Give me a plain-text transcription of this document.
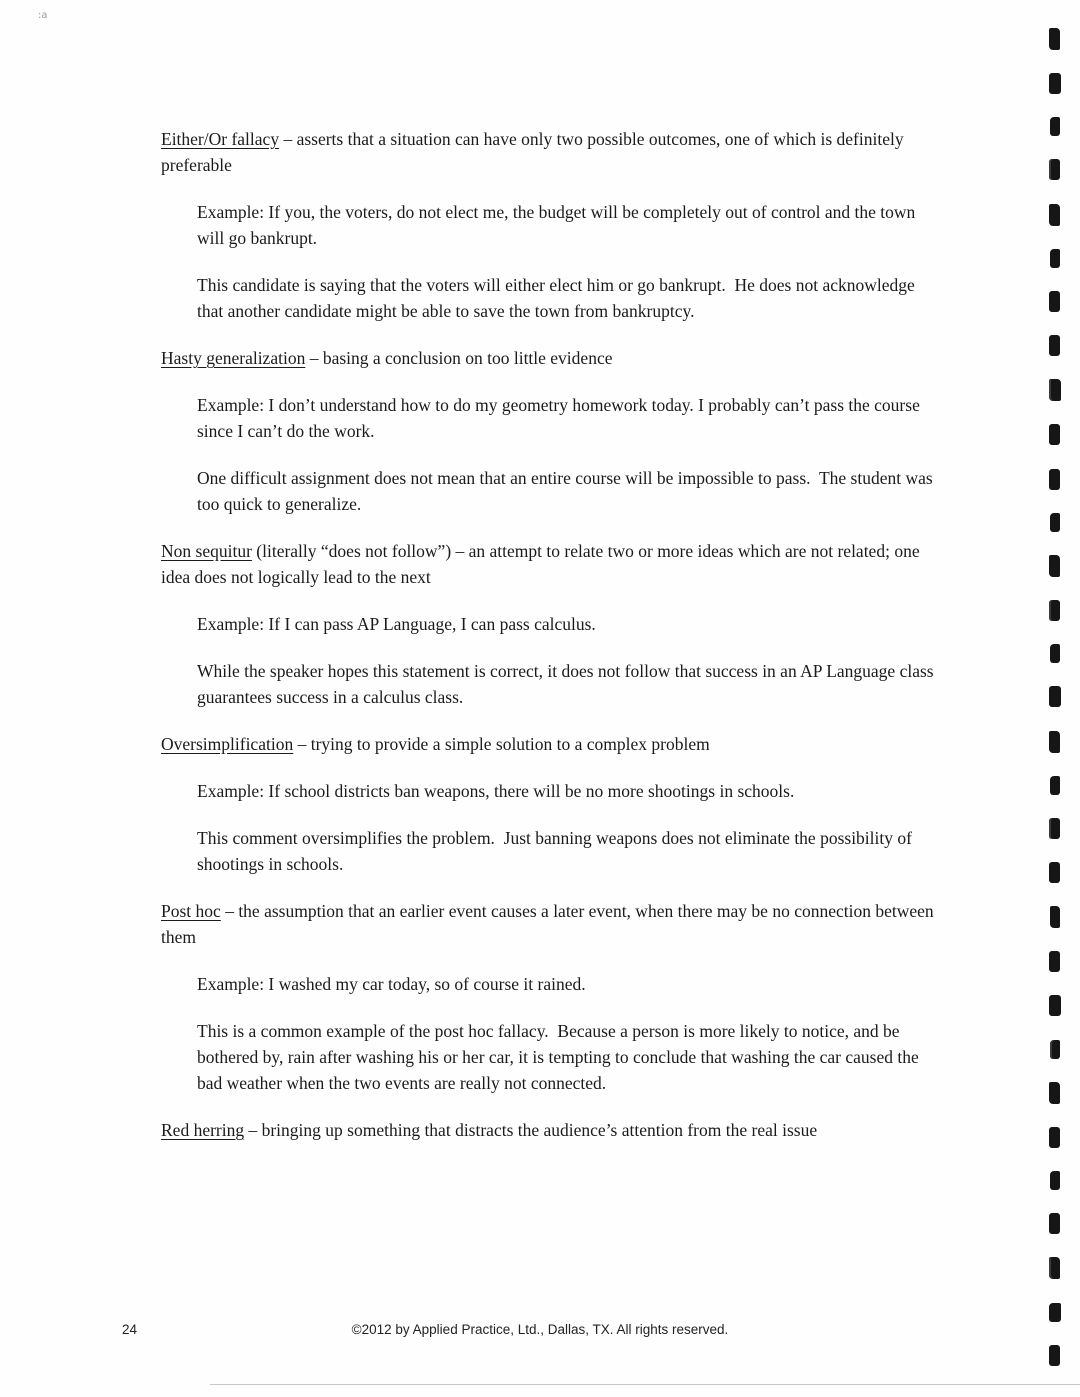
:a

Either/Or fallacy – asserts that a situation can have only two possible outcomes, one of which is definitely preferable

Example: If you, the voters, do not elect me, the budget will be completely out of control and the town will go bankrupt.

This candidate is saying that the voters will either elect him or go bankrupt.  He does not acknowledge that another candidate might be able to save the town from bankruptcy.

Hasty generalization – basing a conclusion on too little evidence

Example: I don’t understand how to do my geometry homework today. I probably can’t pass the course since I can’t do the work.

One difficult assignment does not mean that an entire course will be impossible to pass.  The student was too quick to generalize.

Non sequitur (literally “does not follow”) – an attempt to relate two or more ideas which are not related; one idea does not logically lead to the next

Example: If I can pass AP Language, I can pass calculus.

While the speaker hopes this statement is correct, it does not follow that success in an AP Language class guarantees success in a calculus class.

Oversimplification – trying to provide a simple solution to a complex problem

Example: If school districts ban weapons, there will be no more shootings in schools.

This comment oversimplifies the problem.  Just banning weapons does not eliminate the possibility of shootings in schools.

Post hoc – the assumption that an earlier event causes a later event, when there may be no connection between them

Example: I washed my car today, so of course it rained.

This is a common example of the post hoc fallacy.  Because a person is more likely to notice, and be bothered by, rain after washing his or her car, it is tempting to conclude that washing the car caused the bad weather when the two events are really not connected.

Red herring – bringing up something that distracts the audience’s attention from the real issue

24	©2012 by Applied Practice, Ltd., Dallas, TX. All rights reserved.
